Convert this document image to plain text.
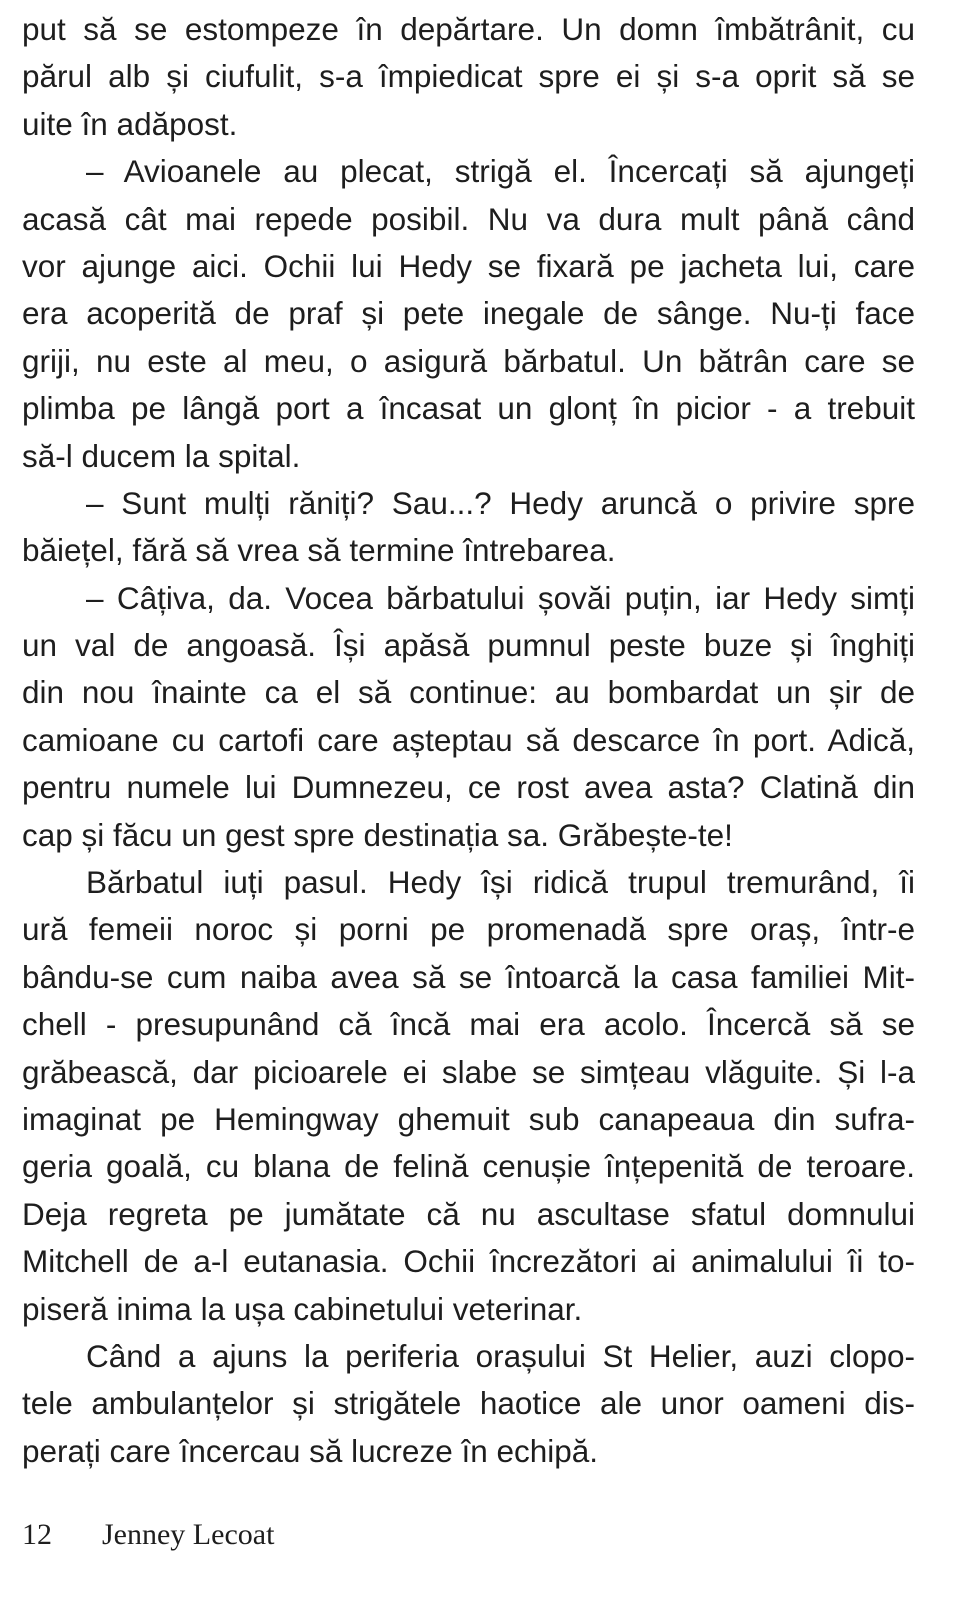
put să se estompeze în depărtare. Un domn îmbătrânit, cu
părul alb și ciufulit, s-a împiedicat spre ei și s-a oprit să se
uite în adăpost.
– Avioanele au plecat, strigă el. Încercați să ajungeți
acasă cât mai repede posibil. Nu va dura mult până când
vor ajunge aici. Ochii lui Hedy se fixară pe jacheta lui, care
era acoperită de praf și pete inegale de sânge. Nu-ți face
griji, nu este al meu, o asigură bărbatul. Un bătrân care se
plimba pe lângă port a încasat un glonț în picior - a trebuit
să-l ducem la spital.
– Sunt mulți răniți? Sau...? Hedy aruncă o privire spre
băiețel, fără să vrea să termine întrebarea.
– Câțiva, da. Vocea bărbatului șovăi puțin, iar Hedy simți
un val de angoasă. Își apăsă pumnul peste buze și înghiți
din nou înainte ca el să continue: au bombardat un șir de
camioane cu cartofi care așteptau să descarce în port. Adică,
pentru numele lui Dumnezeu, ce rost avea asta? Clatină din
cap și făcu un gest spre destinația sa. Grăbește-te!
Bărbatul iuți pasul. Hedy își ridică trupul tremurând, îi
ură femeii noroc și porni pe promenadă spre oraș, într-e
bându-se cum naiba avea să se întoarcă la casa familiei Mit-
chell - presupunând că încă mai era acolo. Încercă să se
grăbească, dar picioarele ei slabe se simțeau vlăguite. Și l-a
imaginat pe Hemingway ghemuit sub canapeaua din sufra-
geria goală, cu blana de felină cenușie înțepenită de teroare.
Deja regreta pe jumătate că nu ascultase sfatul domnului
Mitchell de a-l eutanasia. Ochii încrezători ai animalului îi to-
piseră inima la ușa cabinetului veterinar.
Când a ajuns la periferia orașului St Helier, auzi clopo-
tele ambulanțelor și strigătele haotice ale unor oameni dis-
perați care încercau să lucreze în echipă.
12 Jenney Lecoat
